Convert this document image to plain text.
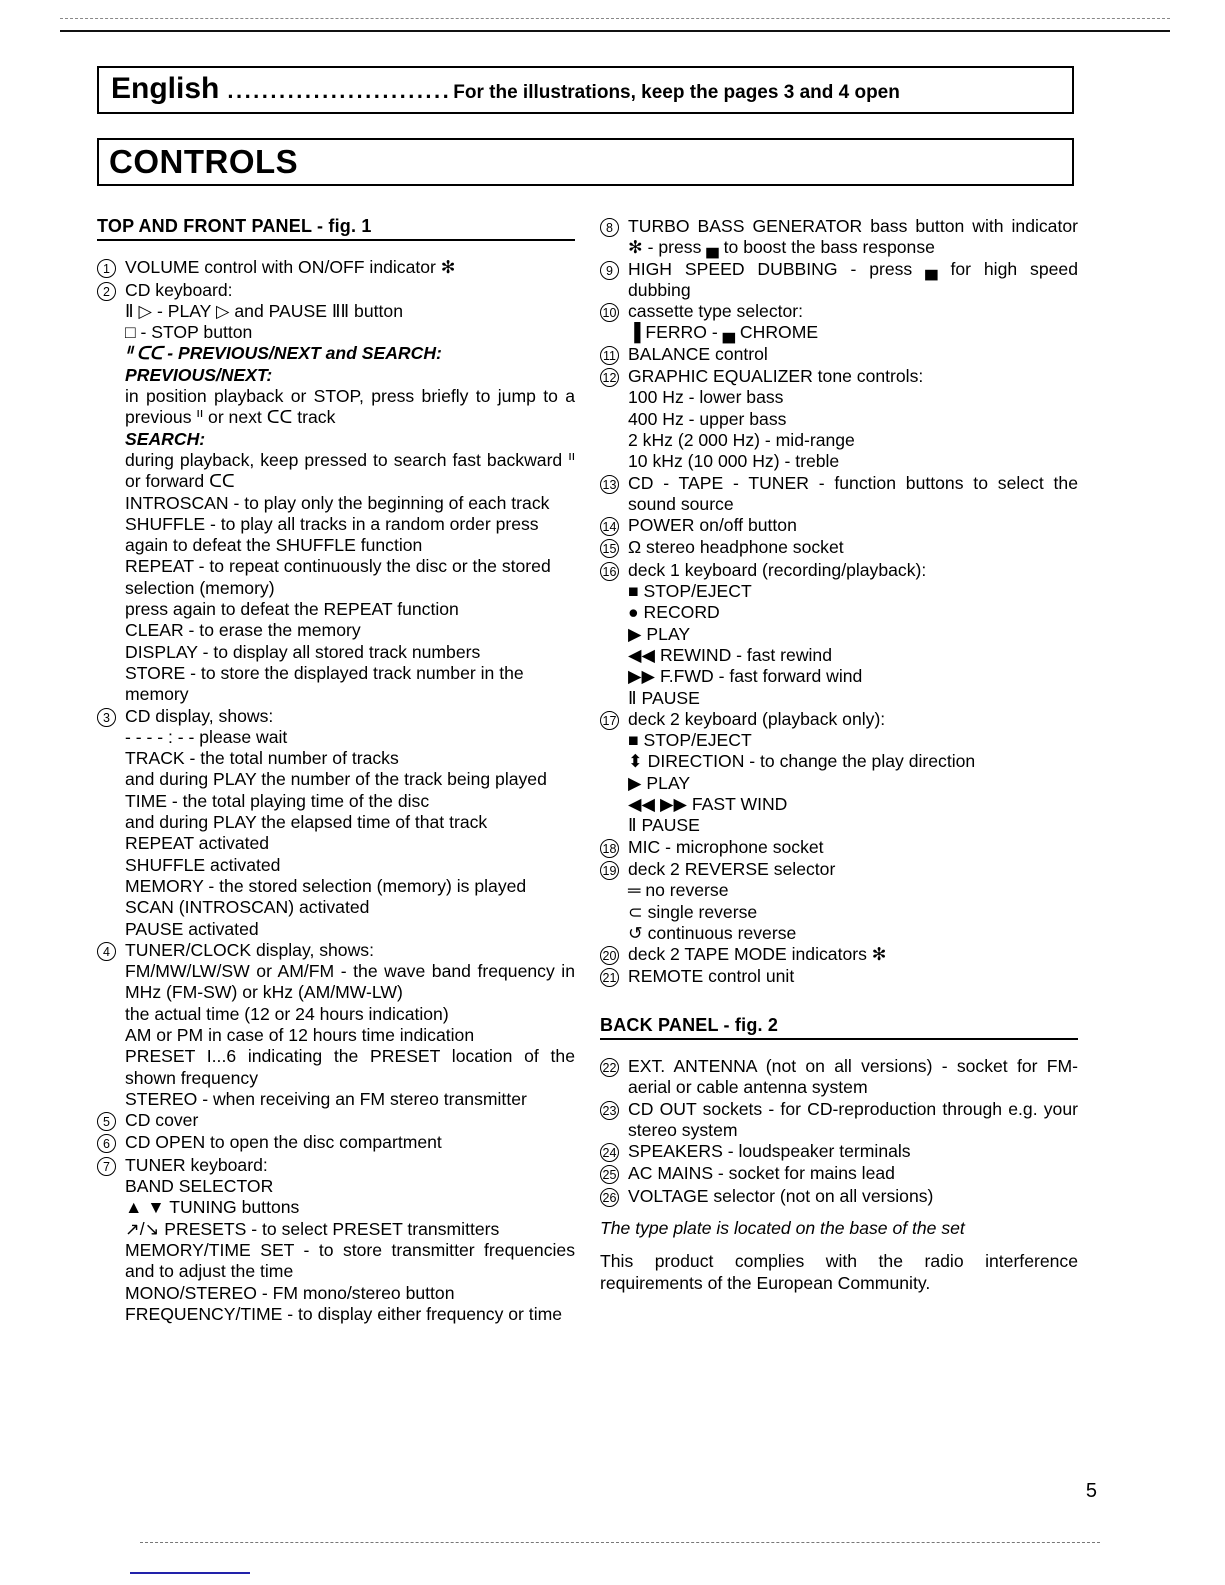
English .......................... For the illustrations, keep the pages 3 and 4 open
CONTROLS
TOP AND FRONT PANEL - fig. 1
1 VOLUME control with ON/OFF indicator ✻
2 CD keyboard:
Ⅱ ▷ - PLAY ▷ and PAUSE ⅡⅡ button
□ - STOP button
ᑊᑊ ᑕᑕ - PREVIOUS/NEXT and SEARCH:
PREVIOUS/NEXT:
in position playback or STOP, press briefly to jump to a previous ᑊᑊ or next ᑕᑕ track
SEARCH:
during playback, keep pressed to search fast backward ᑊᑊ or forward ᑕᑕ
INTROSCAN - to play only the beginning of each track
SHUFFLE - to play all tracks in a random order press again to defeat the SHUFFLE function
REPEAT - to repeat continuously the disc or the stored selection (memory)
press again to defeat the REPEAT function
CLEAR - to erase the memory
DISPLAY - to display all stored track numbers
STORE - to store the displayed track number in the memory
3 CD display, shows:
- - - - : - - please wait
TRACK - the total number of tracks
and during PLAY the number of the track being played
TIME - the total playing time of the disc
and during PLAY the elapsed time of that track
REPEAT activated
SHUFFLE activated
MEMORY - the stored selection (memory) is played
SCAN (INTROSCAN) activated
PAUSE activated
4 TUNER/CLOCK display, shows:
FM/MW/LW/SW or AM/FM - the wave band frequency in MHz (FM-SW) or kHz (AM/MW-LW)
the actual time (12 or 24 hours indication)
AM or PM in case of 12 hours time indication
PRESET I...6 indicating the PRESET location of the shown frequency
STEREO - when receiving an FM stereo transmitter
5 CD cover
6 CD OPEN to open the disc compartment
7 TUNER keyboard:
BAND SELECTOR
▲ ▼ TUNING buttons
↗/↘ PRESETS - to select PRESET transmitters
MEMORY/TIME SET - to store transmitter frequencies and to adjust the time
MONO/STEREO - FM mono/stereo button
FREQUENCY/TIME - to display either frequency or time
8 TURBO BASS GENERATOR bass button with indicator ✻ - press ▄ to boost the bass response
9 HIGH SPEED DUBBING - press ▄ for high speed dubbing
10 cassette type selector:
▐ FERRO - ▄ CHROME
11 BALANCE control
12 GRAPHIC EQUALIZER tone controls:
100 Hz - lower bass
400 Hz - upper bass
2 kHz (2 000 Hz) - mid-range
10 kHz (10 000 Hz) - treble
13 CD - TAPE - TUNER - function buttons to select the sound source
14 POWER on/off button
15 Ω stereo headphone socket
16 deck 1 keyboard (recording/playback):
■ STOP/EJECT
● RECORD
▶ PLAY
◀◀ REWIND - fast rewind
▶▶ F.FWD - fast forward wind
Ⅱ PAUSE
17 deck 2 keyboard (playback only):
■ STOP/EJECT
⬍ DIRECTION - to change the play direction
▶ PLAY
◀◀ ▶▶ FAST WIND
Ⅱ PAUSE
18 MIC - microphone socket
19 deck 2 REVERSE selector
═ no reverse
⊂ single reverse
↺ continuous reverse
20 deck 2 TAPE MODE indicators ✻
21 REMOTE control unit
BACK PANEL - fig. 2
22 EXT. ANTENNA (not on all versions) - socket for FM-aerial or cable antenna system
23 CD OUT sockets - for CD-reproduction through e.g. your stereo system
24 SPEAKERS - loudspeaker terminals
25 AC MAINS - socket for mains lead
26 VOLTAGE selector (not on all versions)
The type plate is located on the base of the set
This product complies with the radio interference requirements of the European Community.
5
